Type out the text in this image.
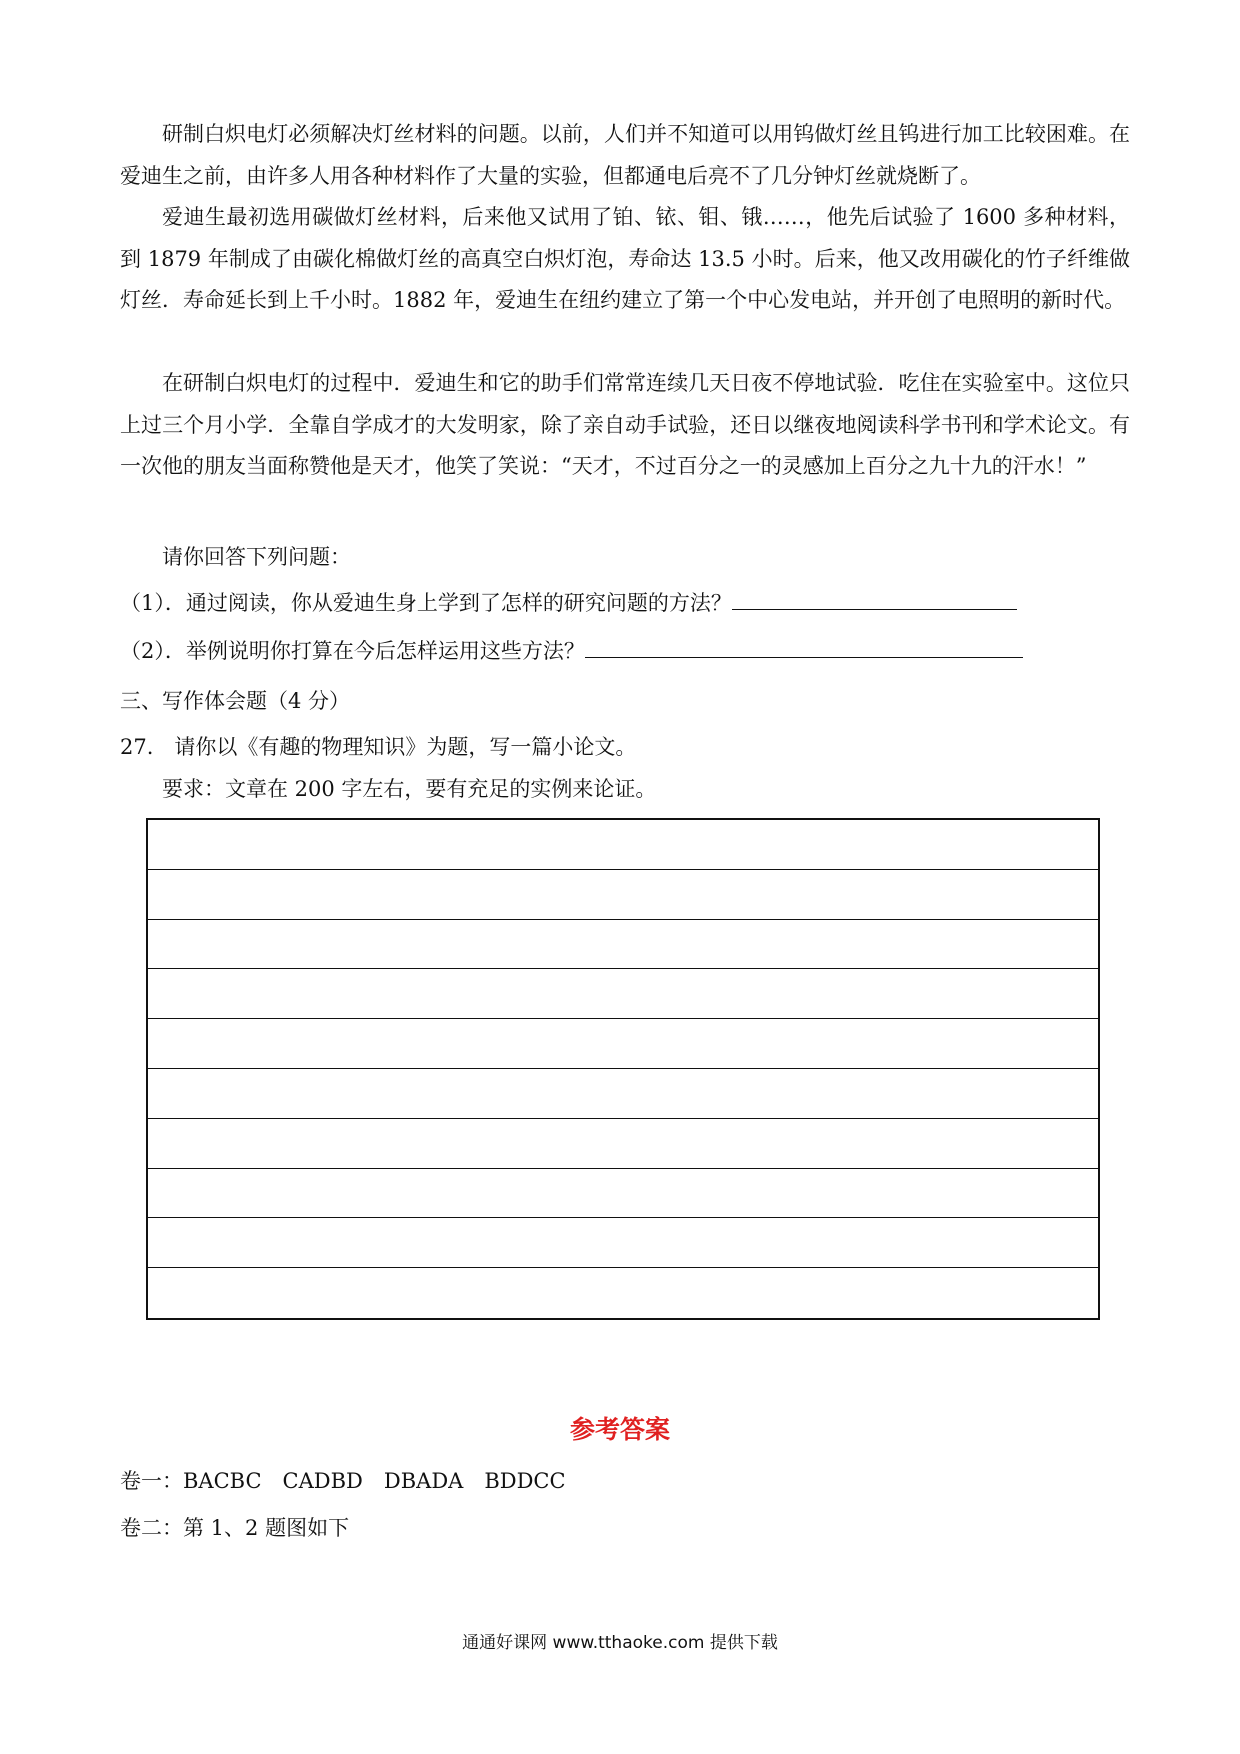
研制白炽电灯必须解决灯丝材料的问题。以前，人们并不知道可以用钨做灯丝且钨进行加工比较困难。在爱迪生之前，由许多人用各种材料作了大量的实验，但都通电后亮不了几分钟灯丝就烧断了。

爱迪生最初选用碳做灯丝材料，后来他又试用了铂、铱、钼、锇……，他先后试验了 1600 多种材料，到 1879 年制成了由碳化棉做灯丝的高真空白炽灯泡，寿命达 13.5 小时。后来，他又改用碳化的竹子纤维做灯丝．寿命延长到上千小时。1882 年，爱迪生在纽约建立了第一个中心发电站，并开创了电照明的新时代。

在研制白炽电灯的过程中．爱迪生和它的助手们常常连续几天日夜不停地试验．吃住在实验室中。这位只上过三个月小学．全靠自学成才的大发明家，除了亲自动手试验，还日以继夜地阅读科学书刊和学术论文。有一次他的朋友当面称赞他是天才，他笑了笑说：“天才，不过百分之一的灵感加上百分之九十九的汗水！”

请你回答下列问题：

（1）．通过阅读，你从爱迪生身上学到了怎样的研究问题的方法？

（2）．举例说明你打算在今后怎样运用这些方法？

三、写作体会题（4 分）

27.　请你以《有趣的物理知识》为题，写一篇小论文。

要求：文章在 200 字左右，要有充足的实例来论证。

参考答案

卷一：BACBC　CADBD　DBADA　BDDCC

卷二：第 1、2 题图如下

通通好课网 www.tthaoke.com 提供下载
